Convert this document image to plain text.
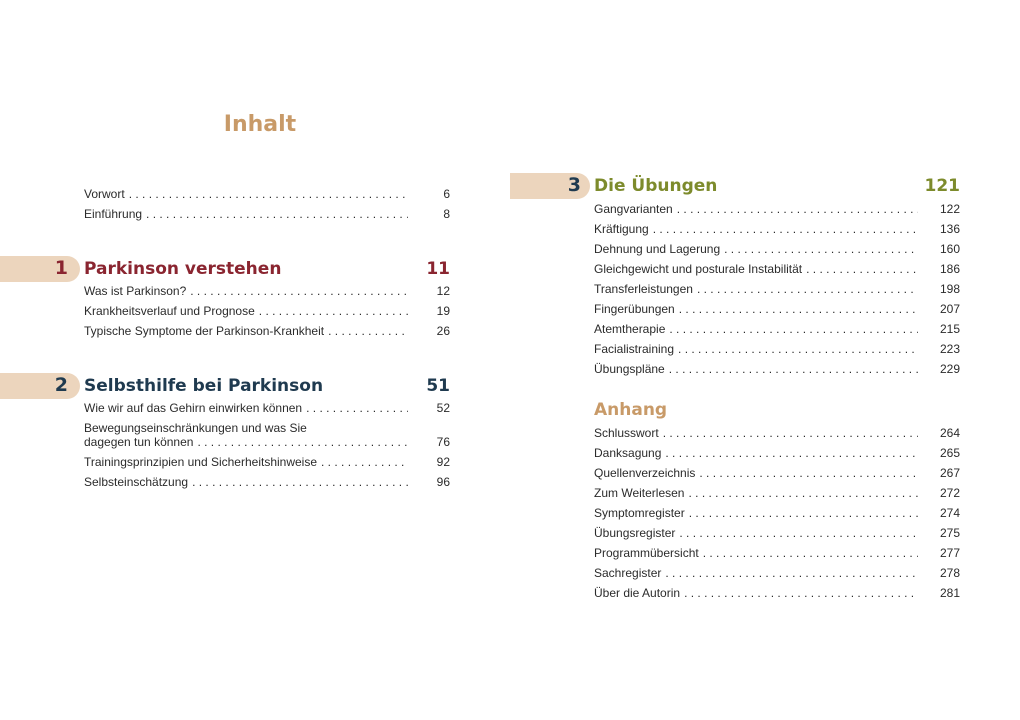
Inhalt
Vorwort . . .	6
Einführung . . .	8
1 Parkinson verstehen	11
Was ist Parkinson? . . .	12
Krankheitsverlauf und Prognose . . .	19
Typische Symptome der Parkinson-Krankheit . . .	26
2 Selbsthilfe bei Parkinson	51
Wie wir auf das Gehirn einwirken können . . .	52
Bewegungseinschränkungen und was Sie
dagegen tun können . . .	76
Trainingsprinzipien und Sicherheitshinweise . . .	92
Selbsteinschätzung . . .	96
3 Die Übungen	121
Gangvarianten . . .	122
Kräftigung . . .	136
Dehnung und Lagerung . . .	160
Gleichgewicht und posturale Instabilität . . .	186
Transferleistungen . . .	198
Fingerübungen . . .	207
Atemtherapie . . .	215
Facialistraining . . .	223
Übungspläne . . .	229
Anhang
Schlusswort . . .	264
Danksagung . . .	265
Quellenverzeichnis . . .	267
Zum Weiterlesen . . .	272
Symptomregister . . .	274
Übungsregister . . .	275
Programmübersicht . . .	277
Sachregister . . .	278
Über die Autorin . . .	281
